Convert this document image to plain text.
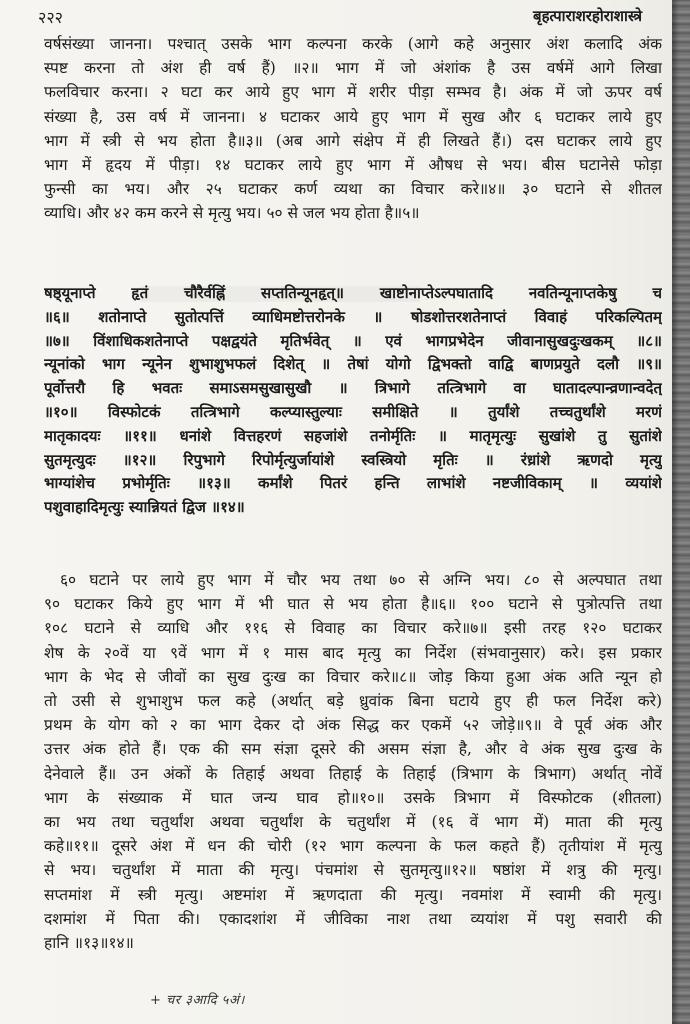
२२२	बृहत्पाराशरहोराशास्त्रे
वर्षसंख्या जानना। पश्चात् उसके भाग कल्पना करके (आगे कहे अनुसार अंश कलादि अंक
स्पष्ट करना तो अंश ही वर्ष हैं) ॥२॥ भाग में जो अंशांक है उस वर्षमें आगे लिखा
फलविचार करना। २ घटा कर आये हुए भाग में शरीर पीड़ा सम्भव है। अंक में जो ऊपर वर्ष
संख्या है, उस वर्ष में जानना। ४ घटाकर आये हुए भाग में सुख और ६ घटाकर लाये हुए
भाग में स्त्री से भय होता है॥३॥ (अब आगे संक्षेप में ही लिखते हैं।) दस घटाकर लाये हुए
भाग में हृदय में पीड़ा। १४ घटाकर लाये हुए भाग में औषध से भय। बीस घटानेसे फोड़ा
फुन्सी का भय। और २५ घटाकर कर्ण व्यथा का विचार करे॥४॥ ३० घटाने से शीतल
व्याधि। और ४२ कम करने से मृत्यु भय। ५० से जल भय होता है॥५॥
षष्ठ्यूनाप्ते हृतं चौरैर्वह्निं सप्ततिन्यूनहृत्॥ खाष्टोनाप्तेऽल्पघातादि नवतिन्यूनाप्तकेषु च
॥६॥ शतोनाप्ते सुतोत्पत्तिं व्याधिमष्टोत्तरोनके ॥ षोडशोत्तरशतेनाप्तं विवाहं परिकल्पितम्
॥७॥ विंशाधिकशतेनाप्ते पक्षद्वयंते मृतिर्भवेत् ॥ एवं भागप्रभेदेन जीवानासुखदुःखकम् ॥८॥
न्यूनांको भाग न्यूनेन शुभाशुभफलं दिशेत् ॥ तेषां योगो द्विभक्तो वाद्वि बाणप्रयुते दलौ ॥९॥
पूर्वोत्तरौ हि भवतः समाऽसमसुखासुखौ ॥ त्रिभागे तत्त्रिभागे वा घातादल्पान्व्रणान्वदेत्
॥१०॥ विस्फोटकं तत्त्रिभागे कल्प्यास्तुल्याः समीक्षिते ॥ तुर्यांशे तच्चतुर्थांशे मरणं
मातृकादयः ॥११॥ धनांशे वित्तहरणं सहजांशे तनोर्मृतिः ॥ मातृमृत्युः सुखांशे तु सुतांशे
सुतमृत्युदः ॥१२॥ रिपुभागे रिपोर्मृत्युर्जायांशे स्वस्त्रियो मृतिः ॥ रंध्रांशे ऋणदो मृत्यु
भाग्यांशेच प्रभोर्मृतिः ॥१३॥ कर्मांशे पितरं हन्ति लाभांशे नष्टजीविकाम् ॥ व्ययांशे
पशुवाहादिमृत्युः स्यान्नियतं द्विज ॥१४॥
६० घटाने पर लाये हुए भाग में चौर भय तथा ७० से अग्नि भय। ८० से अल्पघात तथा
९० घटाकर किये हुए भाग में भी घात से भय होता है॥६॥ १०० घटाने से पुत्रोत्पत्ति तथा
१०८ घटाने से व्याधि और ११६ से विवाह का विचार करे॥७॥ इसी तरह १२० घटाकर
शेष के २०वें या ९वें भाग में १ मास बाद मृत्यु का निर्देश (संभवानुसार) करे। इस प्रकार
भाग के भेद से जीवों का सुख दुःख का विचार करे॥८॥ जोड़ किया हुआ अंक अति न्यून हो
तो उसी से शुभाशुभ फल कहे (अर्थात् बड़े ध्रुवांक बिना घटाये हुए ही फल निर्देश करे)
प्रथम के योग को २ का भाग देकर दो अंक सिद्ध कर एकमें ५२ जोड़े॥९॥ वे पूर्व अंक और
उत्तर अंक होते हैं। एक की सम संज्ञा दूसरे की असम संज्ञा है, और वे अंक सुख दुःख के
देनेवाले हैं॥ उन अंकों के तिहाई अथवा तिहाई के तिहाई (त्रिभाग के त्रिभाग) अर्थात् नोवें
भाग के संख्याक में घात जन्य घाव हो॥१०॥ उसके त्रिभाग में विस्फोटक (शीतला)
का भय तथा चतुर्थांश अथवा चतुर्थांश के चतुर्थांश में (१६ वें भाग में) माता की मृत्यु
कहे॥११॥ दूसरे अंश में धन की चोरी (१२ भाग कल्पना के फल कहते हैं) तृतीयांश में मृत्यु
से भय। चतुर्थांश में माता की मृत्यु। पंचमांश से सुतमृत्यु॥१२॥ षष्ठांश में शत्रु की मृत्यु।
सप्तमांश में स्त्री मृत्यु। अष्टमांश में ऋणदाता की मृत्यु। नवमांश में स्वामी की मृत्यु।
दशमांश में पिता की। एकादशांश में जीविका नाश तथा व्ययांश में पशु सवारी की
हानि ॥१३॥१४॥
+ चर ३आदि ५अं।
